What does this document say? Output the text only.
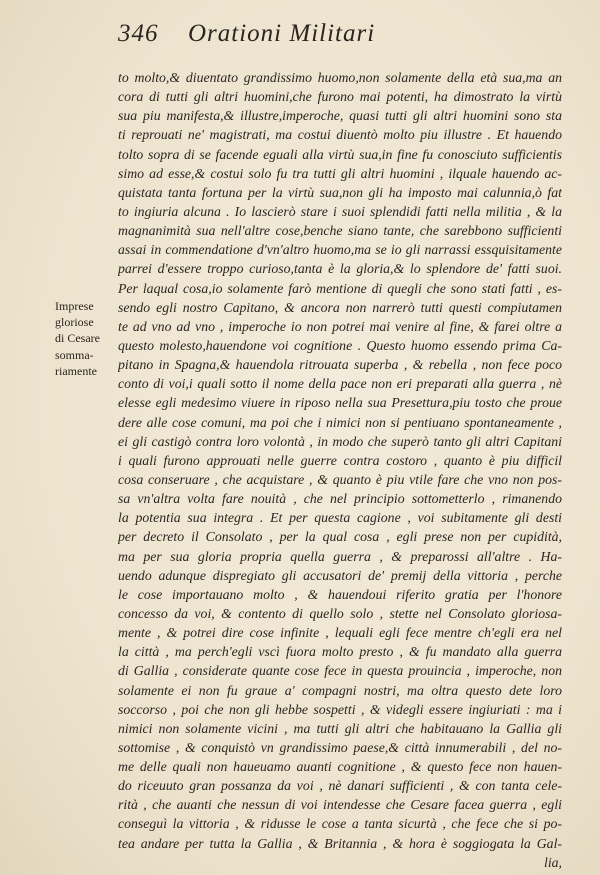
346 Orationi Militari
Imprese
gloriose
di Cesare
somma-
riamente
to molto,& diuentato grandissimo huomo,non solamente della età sua,ma an
cora di tutti gli altri huomini,che furono mai potenti, ha dimostrato la virtù
sua piu manifesta,& illustre,imperoche, quasi tutti gli altri huomini sono sta
ti reprouati ne' magistrati, ma costui diuentò molto piu illustre . Et hauendo
tolto sopra di se facende eguali alla virtù sua,in fine fu conosciuto sufficientis
simo ad esse,& costui solo fu tra tutti gli altri huomini , ilquale hauendo ac-
quistata tanta fortuna per la virtù sua,non gli ha imposto mai calunnia,ò fat
to ingiuria alcuna . Io lascierò stare i suoi splendidi fatti nella militia , & la
magnanimità sua nell'altre cose,benche siano tante, che sarebbono sufficienti
assai in commendatione d'vn'altro huomo,ma se io gli narrassi essquisitamente
parrei d'essere troppo curioso,tanta è la gloria,& lo splendore de' fatti suoi.
Per laqual cosa,io solamente farò mentione di quegli che sono stati fatti , es-
sendo egli nostro Capitano, & ancora non narrerò tutti questi compiutamen
te ad vno ad vno , imperoche io non potrei mai venire al fine, & farei oltre a
questo molesto,hauendone voi cognitione . Questo huomo essendo prima Ca-
pitano in Spagna,& hauendola ritrouata superba , & rebella , non fece poco
conto di voi,i quali sotto il nome della pace non eri preparati alla guerra , nè
elesse egli medesimo viuere in riposo nella sua Presettura,piu tosto che proue
dere alle cose comuni, ma poi che i nimici non si pentiuano spontaneamente ,
ei gli castigò contra loro volontà , in modo che superò tanto gli altri Capitani
i quali furono approuati nelle guerre contra costoro , quanto è piu difficil
cosa conseruare , che acquistare , & quanto è piu vtile fare che vno non pos-
sa vn'altra volta fare nouità , che nel principio sottometterlo , rimanendo
la potentia sua integra . Et per questa cagione , voi subitamente gli desti
per decreto il Consolato , per la qual cosa , egli prese non per cupidità,
ma per sua gloria propria quella guerra , & preparossi all'altre . Ha-
uendo adunque dispregiato gli accusatori de' premij della vittoria , perche
le cose importauano molto , & hauendoui riferito gratia per l'honore
concesso da voi, & contento di quello solo , stette nel Consolato gloriosa-
mente , & potrei dire cose infinite , lequali egli fece mentre ch'egli era nel
la città , ma perch'egli vscì fuora molto presto , & fu mandato alla guerra
di Gallia , considerate quante cose fece in questa prouincia , imperoche, non
solamente ei non fu graue a' compagni nostri, ma oltra questo dete loro
soccorso , poi che non gli hebbe sospetti , & videgli essere ingiuriati : ma i
nimici non solamente vicini , ma tutti gli altri che habitauano la Gallia gli
sottomise , & conquistò vn grandissimo paese,& città innumerabili , del no-
me delle quali non haueuamo auanti cognitione , & questo fece non hauen-
do riceuuto gran possanza da voi , nè danari sufficienti , & con tanta cele-
rità , che auanti che nessun di voi intendesse che Cesare facea guerra , egli
conseguì la vittoria , & ridusse le cose a tanta sicurtà , che fece che si po-
tea andare per tutta la Gallia , & Britannia , & hora è soggiogata la Gal-
lia,
